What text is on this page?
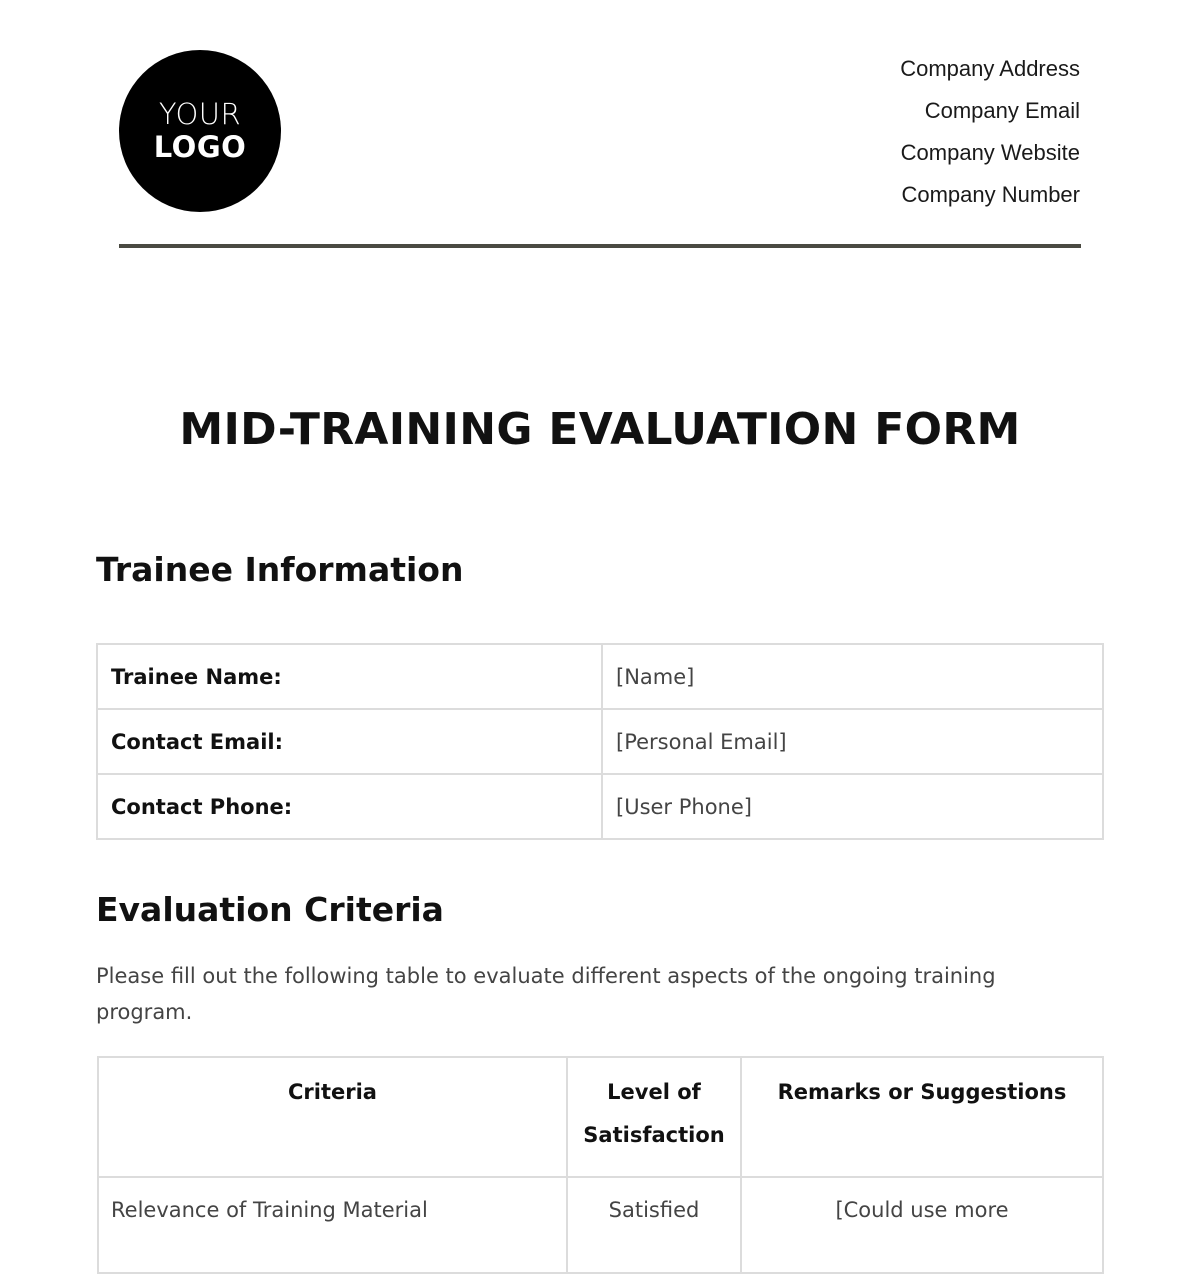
YOUR
LOGO
Company Address
Company Email
Company Website
Company Number
MID-TRAINING EVALUATION FORM
Trainee Information
Trainee Name:	[Name]
Contact Email:	[Personal Email]
Contact Phone:	[User Phone]
Evaluation Criteria

Please fill out the following table to evaluate different aspects of the ongoing training program.

Criteria	Level of Satisfaction	Remarks or Suggestions
Relevance of Training Material	Satisfied	[Could use more
